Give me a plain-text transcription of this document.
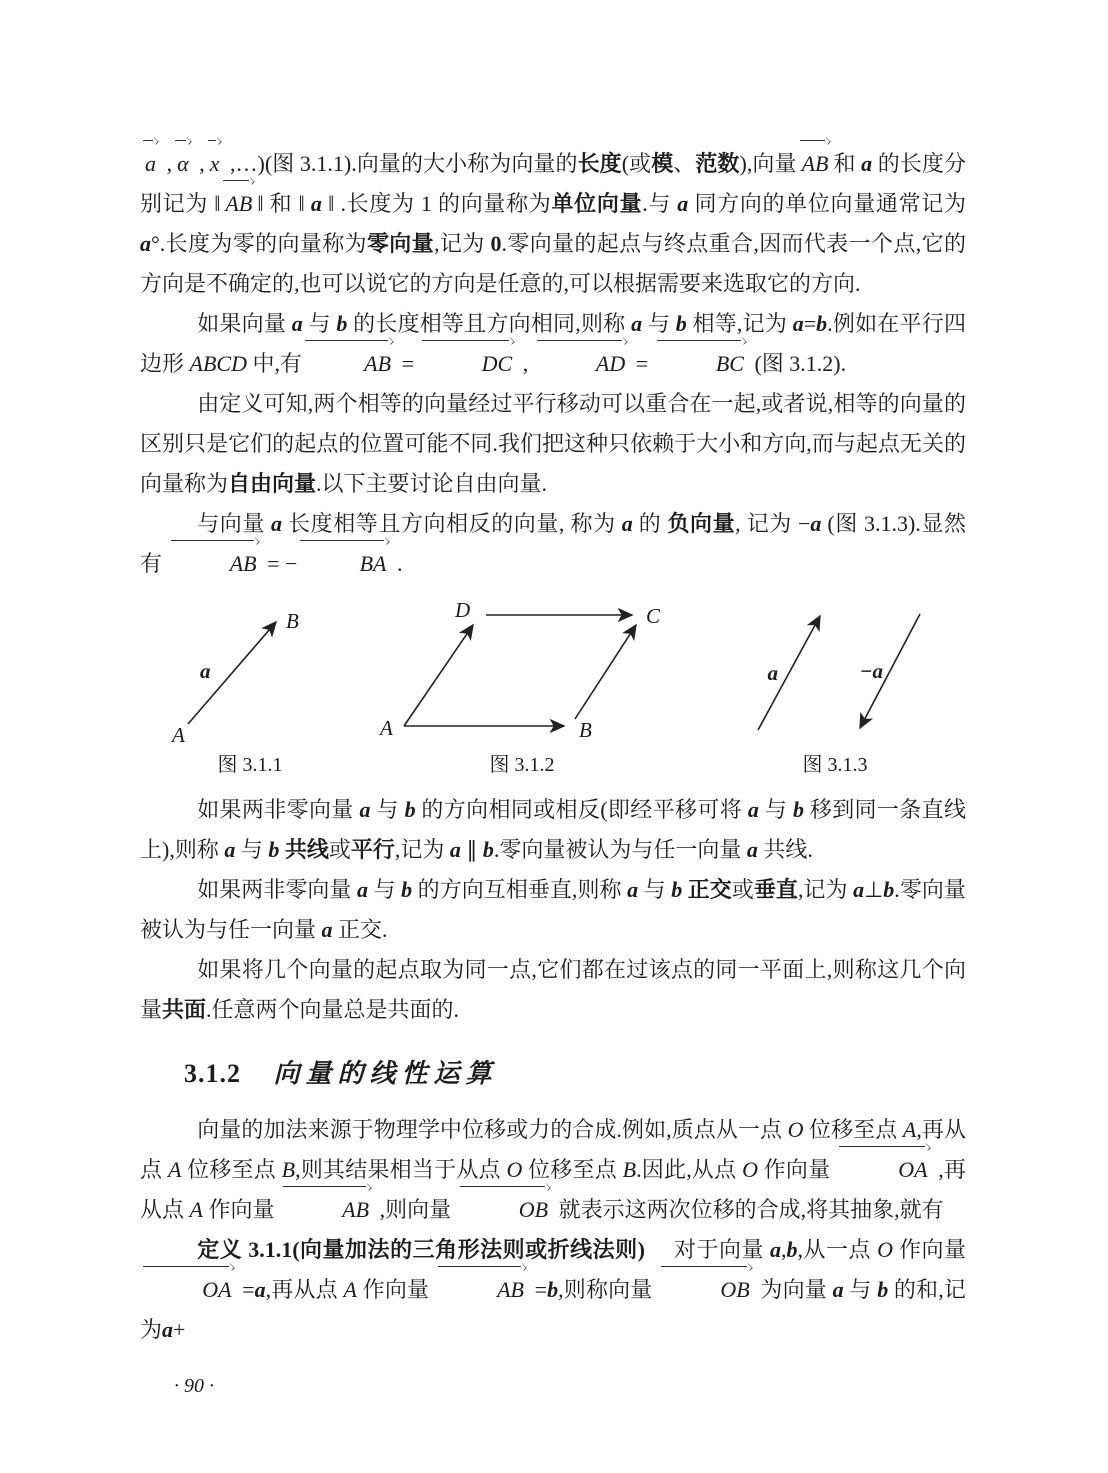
a , α , x ,…)(图 3.1.1).向量的大小称为向量的长度(或模、范数),向量 AB 和 a 的长度分别记为 ‖ AB ‖ 和 ‖ a ‖ .长度为 1 的向量称为单位向量.与 a 同方向的单位向量通常记为 a°.长度为零的向量称为零向量,记为 0.零向量的起点与终点重合,因而代表一个点,它的方向是不确定的,也可以说它的方向是任意的,可以根据需要来选取它的方向.

如果向量 a 与 b 的长度相等且方向相同,则称 a 与 b 相等,记为 a=b.例如在平行四边形 ABCD 中,有	AB =	DC ,	AD =	BC (图 3.1.2).

由定义可知,两个相等的向量经过平行移动可以重合在一起,或者说,相等的向量的区别只是它们的起点的位置可能不同.我们把这种只依赖于大小和方向,而与起点无关的向量称为自由向量.以下主要讨论自由向量.

与向量 a 长度相等且方向相反的向量, 称为 a 的 负向量, 记为 −a (图 3.1.3).显然有	AB = −	BA .

A
B
a
图 3.1.1
A	B
C
D
图 3.1.2
a	−a
图 3.1.3

如果两非零向量 a 与 b 的方向相同或相反(即经平移可将 a 与 b 移到同一条直线上),则称 a 与 b 共线或平行,记为 a ∥ b.零向量被认为与任一向量 a 共线.

如果两非零向量 a 与 b 的方向互相垂直,则称 a 与 b 正交或垂直,记为 a⊥b.零向量被认为与任一向量 a 正交.

如果将几个向量的起点取为同一点,它们都在过该点的同一平面上,则称这几个向量共面.任意两个向量总是共面的.

3.1.2 向量的线性运算

向量的加法来源于物理学中位移或力的合成.例如,质点从一点 O 位移至点 A,再从点 A 位移至点 B,则其结果相当于从点 O 位移至点 B.因此,从点 O 作向量	OA ,再从点 A 作向量	AB ,则向量	OB 就表示这两次位移的合成,将其抽象,就有

定义 3.1.1(向量加法的三角形法则或折线法则)　 对于向量 a,b,从一点 O 作向量 OA =a,再从点 A 作向量	AB =b,则称向量	OB 为向量 a 与 b 的和,记为a+

· 90 ·
